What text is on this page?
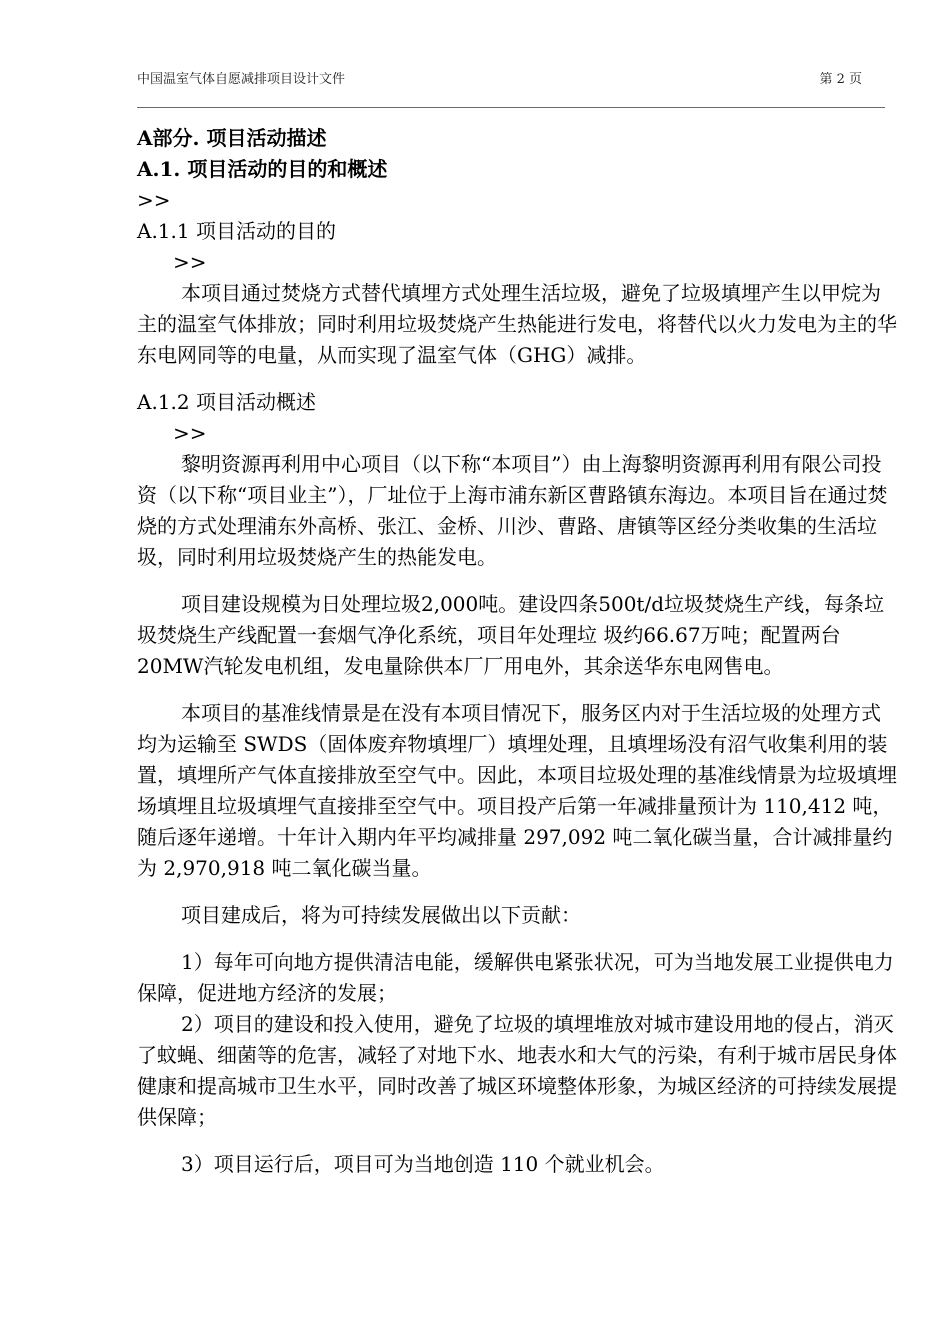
中国温室气体自愿减排项目设计文件	第 2 页

A部分. 项目活动描述

A.1. 项目活动的目的和概述

>>

A.1.1 项目活动的目的

>>

本项目通过焚烧方式替代填埋方式处理生活垃圾，避免了垃圾填埋产生以甲烷为主的温室气体排放；同时利用垃圾焚烧产生热能进行发电，将替代以火力发电为主的华东电网同等的电量，从而实现了温室气体（GHG）减排。

A.1.2 项目活动概述

>>

黎明资源再利用中心项目（以下称“本项目”）由上海黎明资源再利用有限公司投资（以下称“项目业主”），厂址位于上海市浦东新区曹路镇东海边。本项目旨在通过焚烧的方式处理浦东外高桥、张江、金桥、川沙、曹路、唐镇等区经分类收集的生活垃圾，同时利用垃圾焚烧产生的热能发电。

项目建设规模为日处理垃圾2,000吨。建设四条500t/d垃圾焚烧生产线，每条垃圾焚烧生产线配置一套烟气净化系统，项目年处理垃 圾约66.67万吨；配置两台20MW汽轮发电机组，发电量除供本厂厂用电外，其余送华东电网售电。

本项目的基准线情景是在没有本项目情况下，服务区内对于生活垃圾的处理方式均为运输至 SWDS（固体废弃物填埋厂）填埋处理，且填埋场没有沼气收集利用的装置，填埋所产气体直接排放至空气中。因此，本项目垃圾处理的基准线情景为垃圾填埋场填埋且垃圾填埋气直接排至空气中。项目投产后第一年减排量预计为 110,412 吨，随后逐年递增。十年计入期内年平均减排量 297,092 吨二氧化碳当量，合计减排量约为 2,970,918 吨二氧化碳当量。

项目建成后，将为可持续发展做出以下贡献：

1）每年可向地方提供清洁电能，缓解供电紧张状况，可为当地发展工业提供电力保障，促进地方经济的发展；

2）项目的建设和投入使用，避免了垃圾的填埋堆放对城市建设用地的侵占，消灭了蚊蝇、细菌等的危害，减轻了对地下水、地表水和大气的污染，有利于城市居民身体健康和提高城市卫生水平，同时改善了城区环境整体形象，为城区经济的可持续发展提供保障；

3）项目运行后，项目可为当地创造 110 个就业机会。
